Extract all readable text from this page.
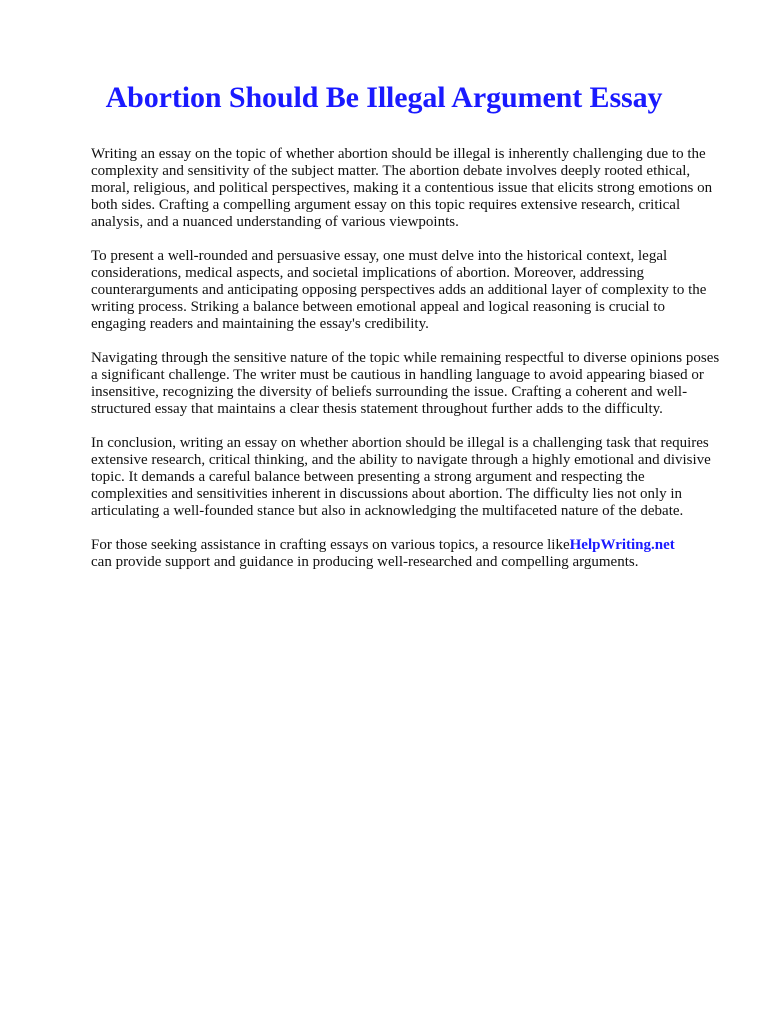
Abortion Should Be Illegal Argument Essay

Writing an essay on the topic of whether abortion should be illegal is inherently challenging due to the complexity and sensitivity of the subject matter. The abortion debate involves deeply rooted ethical, moral, religious, and political perspectives, making it a contentious issue that elicits strong emotions on both sides. Crafting a compelling argument essay on this topic requires extensive research, critical analysis, and a nuanced understanding of various viewpoints.

To present a well-rounded and persuasive essay, one must delve into the historical context, legal considerations, medical aspects, and societal implications of abortion. Moreover, addressing counterarguments and anticipating opposing perspectives adds an additional layer of complexity to the writing process. Striking a balance between emotional appeal and logical reasoning is crucial to engaging readers and maintaining the essay's credibility.

Navigating through the sensitive nature of the topic while remaining respectful to diverse opinions poses a significant challenge. The writer must be cautious in handling language to avoid appearing biased or insensitive, recognizing the diversity of beliefs surrounding the issue. Crafting a coherent and well-structured essay that maintains a clear thesis statement throughout further adds to the difficulty.

In conclusion, writing an essay on whether abortion should be illegal is a challenging task that requires extensive research, critical thinking, and the ability to navigate through a highly emotional and divisive topic. It demands a careful balance between presenting a strong argument and respecting the complexities and sensitivities inherent in discussions about abortion. The difficulty lies not only in articulating a well-founded stance but also in acknowledging the multifaceted nature of the debate.

For those seeking assistance in crafting essays on various topics, a resource likeHelpWriting.net
can provide support and guidance in producing well-researched and compelling arguments.
